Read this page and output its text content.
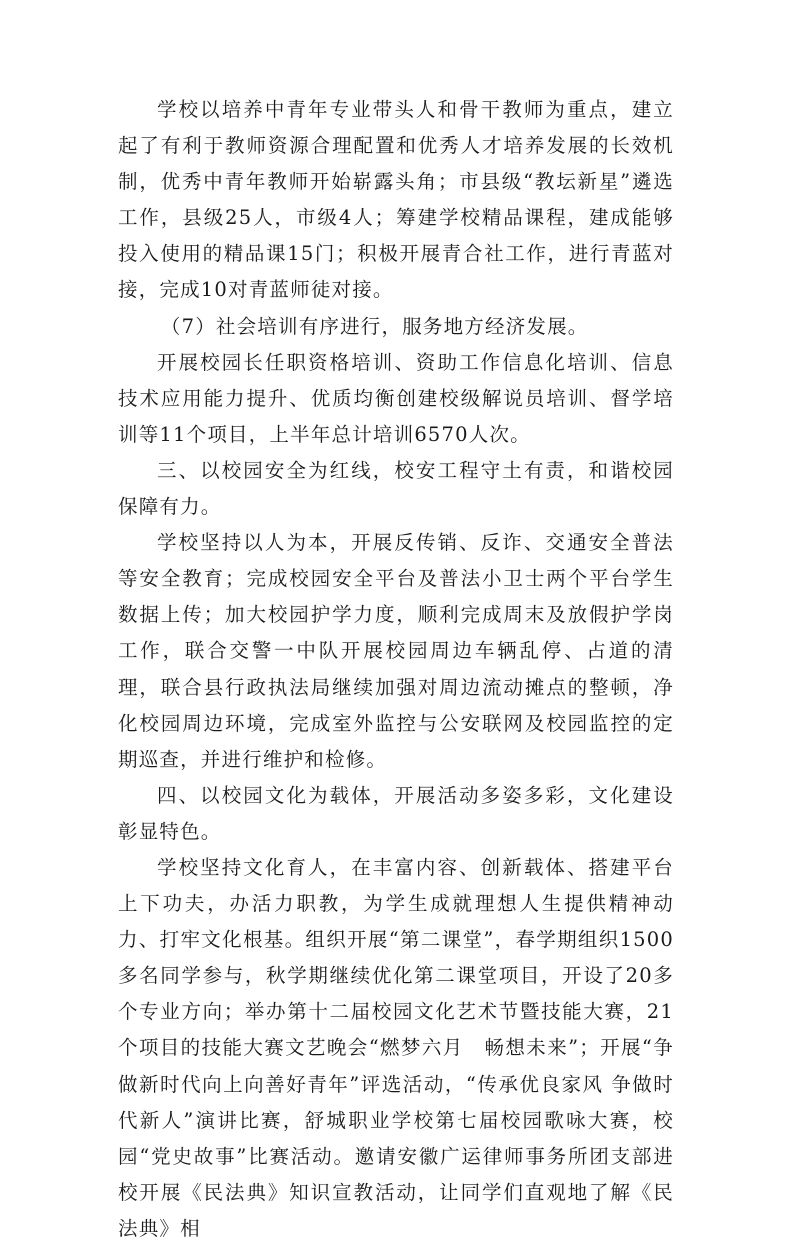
学校以培养中青年专业带头人和骨干教师为重点，建立起了有利于教师资源合理配置和优秀人才培养发展的长效机制，优秀中青年教师开始崭露头角；市县级“教坛新星”遴选工作，县级25人，市级4人；筹建学校精品课程，建成能够投入使用的精品课15门；积极开展青合社工作，进行青蓝对接，完成10对青蓝师徒对接。

（7）社会培训有序进行，服务地方经济发展。

开展校园长任职资格培训、资助工作信息化培训、信息技术应用能力提升、优质均衡创建校级解说员培训、督学培训等11个项目，上半年总计培训6570人次。

三、以校园安全为红线，校安工程守土有责，和谐校园保障有力。

学校坚持以人为本，开展反传销、反诈、交通安全普法等安全教育；完成校园安全平台及普法小卫士两个平台学生数据上传；加大校园护学力度，顺利完成周末及放假护学岗工作，联合交警一中队开展校园周边车辆乱停、占道的清理，联合县行政执法局继续加强对周边流动摊点的整顿，净化校园周边环境，完成室外监控与公安联网及校园监控的定期巡查，并进行维护和检修。

四、以校园文化为载体，开展活动多姿多彩，文化建设彰显特色。

学校坚持文化育人，在丰富内容、创新载体、搭建平台上下功夫，办活力职教，为学生成就理想人生提供精神动力、打牢文化根基。组织开展“第二课堂”，春学期组织1500多名同学参与，秋学期继续优化第二课堂项目，开设了20多个专业方向；举办第十二届校园文化艺术节暨技能大赛，21个项目的技能大赛文艺晚会“燃梦六月　畅想未来”；开展“争做新时代向上向善好青年”评选活动，“传承优良家风 争做时代新人”演讲比赛，舒城职业学校第七届校园歌咏大赛，校园“党史故事”比赛活动。邀请安徽广运律师事务所团支部进校开展《民法典》知识宣教活动，让同学们直观地了解《民法典》相
